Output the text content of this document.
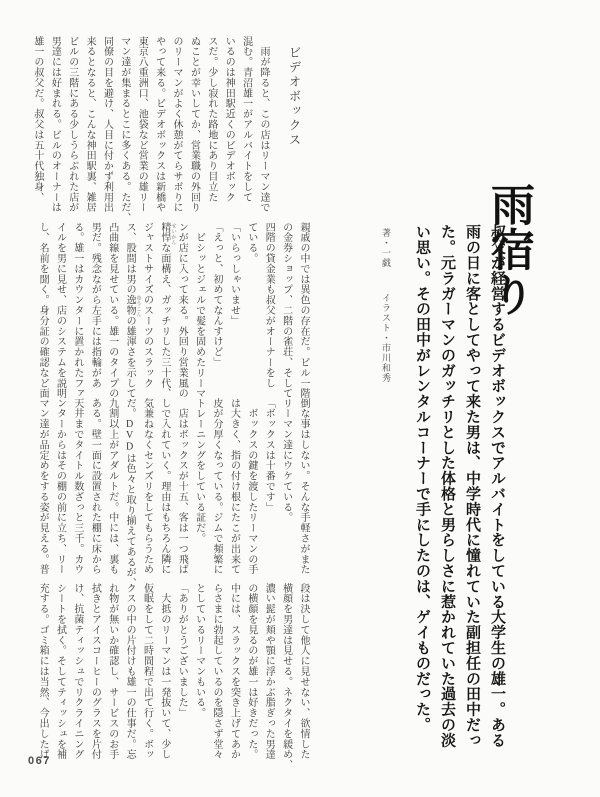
ビデオボックス

　雨が降ると、この店はリーマン達で

混む。青沼雄一がアルバイトをして

いるのは神田駅近くのビデオボック

スだ。少し寂れた路地にあり目立た

ぬことが幸いしてか、営業職の外回り

のリーマンがよく休憩がてらサボりに

やって来る。ビデオボックスは新橋や

東京八重洲口、池袋など営業の雄リー

マン達が集まるとこに多くある。ただ、

同僚の目を避け、人目に付かず利用出

来るとなると、こんな神田駅裏、雑居

ビルの三階にある少しうらぶれた店が

男達には好まれる。ビルのオーナーは

雄一の叔父だ。叔父は五十代独身、

親戚の中では異色の存在だ。ビル一階

の金券ショップ、二階の雀荘、そして

四階の貸金業も叔父がオーナーをし

ている。

「いらっしゃいませ」

「えっと、初めてなんすけど」

　ビシッとジェルで髪を固めたリーマ

ンが店に入って来る。外回り営業風の

精悍な面構え、ガッチリした三十代、

ジャストサイズのスーツのスラック

ス、股間は男の逸物の雄渾さを示して

凸曲線を見せている。雄一のタイプの

男だ。残念ながら左手には指輪があ

る。雄一はカウンターに置かれたファ

イルを男に見せ、店のシステムを説明

し、名前を聞く。身分証の確認など面

倒な事はしない。そんな手軽さがまた

リーマン達にウケている。

「ボックスは十番です」

　ボックスの鍵を渡したリーマンの手

は大きく、指の付け根にたこが出来て

皮が分厚くなっている。ジムで頻繁に

トレーニングをしている証だ。

　店はボックスが十五、客は一つ飛ば

しで入れていく。理由はもちろん隣に

気兼ねなくセンズリをしてもらうため

だ。DVDは色々と取り揃えてあるが、

九割以上がアダルトだ。中には、裏も

ある。壁一面に設置された棚に床から

天井までタイトル数ざっと三千。カウ

ンターからはその棚の前に立ち、リー

マン達が品定めをする姿が見える。普

段は決して他人に見せない、欲情した

横顔を男達は見せる。ネクタイを緩め、

濃い髭が頬や顎に浮かぶ脂ぎった男達

の横顔を見るのが雄一は好きだった。

中には、スラックスを突き上げてあか

らさまに勃起しているのを隠さず堂々

としているリーマンもいる。

「ありがとうございました」

　大抵のリーマンは一発抜いて、少し

仮眠をして二時間程で出て行く。ボッ

クスの中の片付けも雄一の仕事だ。忘

れ物が無いか確認し、サービスのお手

拭きとアイスコーヒーのグラスを片付

け、抗菌ティッシュでリクライニング

シートを拭く。そしてティッシュを補

充する。ゴミ箱には当然、今出したば

せいかん
ゆうこん	雨宿り

叔父が経営するビデオボックスでアルバイトをしている大学生の雄一。ある

雨の日に客としてやって来た男は、中学時代に憧れていた副担任の田中だっ

た。元ラガーマンのガッチリとした体格と男らしさに惹かれていた過去の淡

い思い。その田中がレンタルコーナーで手にしたのは、ゲイものだった。

著・一戯 イラスト・市川和秀
067
